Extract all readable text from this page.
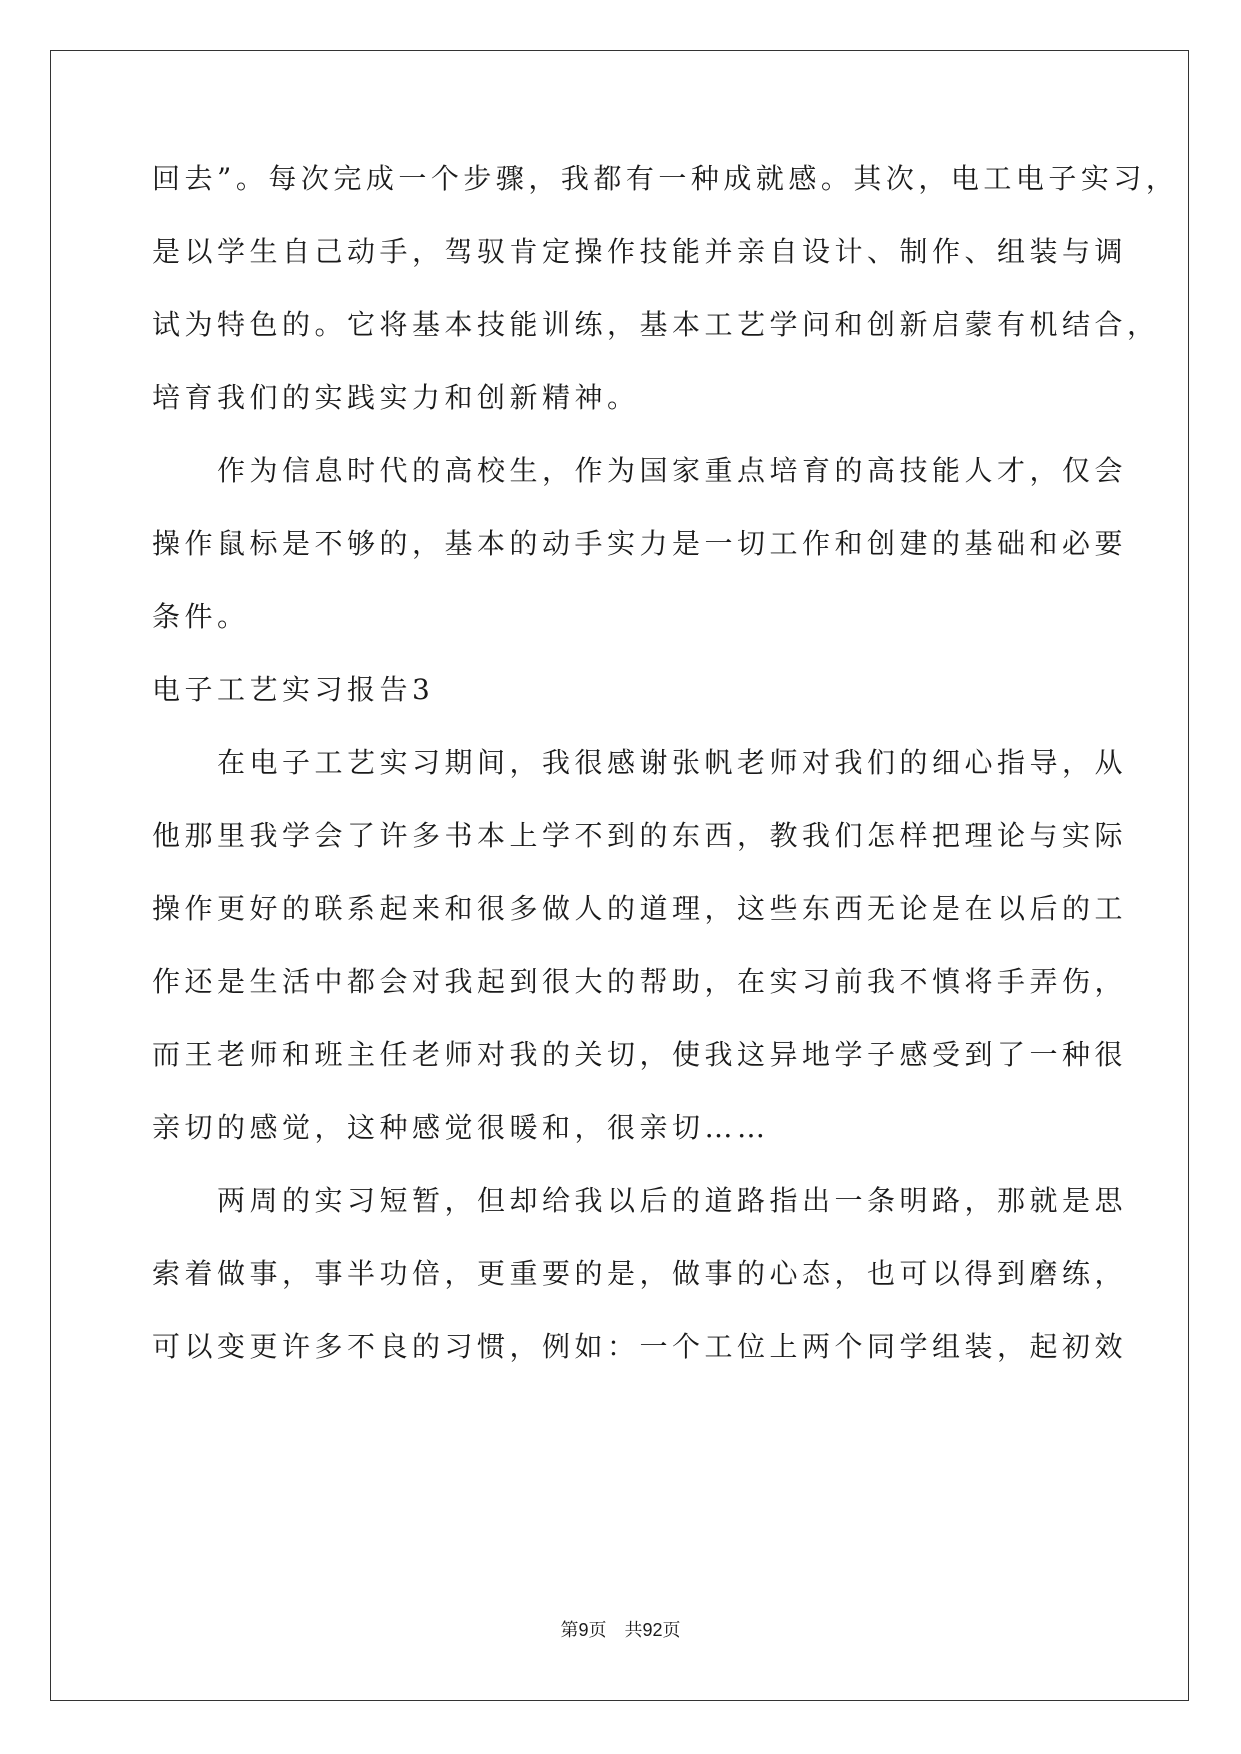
回去”。每次完成一个步骤，我都有一种成就感。其次，电工电子实习，

是以学生自己动手，驾驭肯定操作技能并亲自设计、制作、组装与调

试为特色的。它将基本技能训练，基本工艺学问和创新启蒙有机结合，

培育我们的实践实力和创新精神。

　　作为信息时代的高校生，作为国家重点培育的高技能人才，仅会

操作鼠标是不够的，基本的动手实力是一切工作和创建的基础和必要

条件。

电子工艺实习报告3

　　在电子工艺实习期间，我很感谢张帆老师对我们的细心指导，从

他那里我学会了许多书本上学不到的东西，教我们怎样把理论与实际

操作更好的联系起来和很多做人的道理，这些东西无论是在以后的工

作还是生活中都会对我起到很大的帮助，在实习前我不慎将手弄伤，

而王老师和班主任老师对我的关切，使我这异地学子感受到了一种很

亲切的感觉，这种感觉很暖和，很亲切……

　　两周的实习短暂，但却给我以后的道路指出一条明路，那就是思

索着做事，事半功倍，更重要的是，做事的心态，也可以得到磨练，

可以变更许多不良的习惯，例如：一个工位上两个同学组装，起初效

第9页　共92页
